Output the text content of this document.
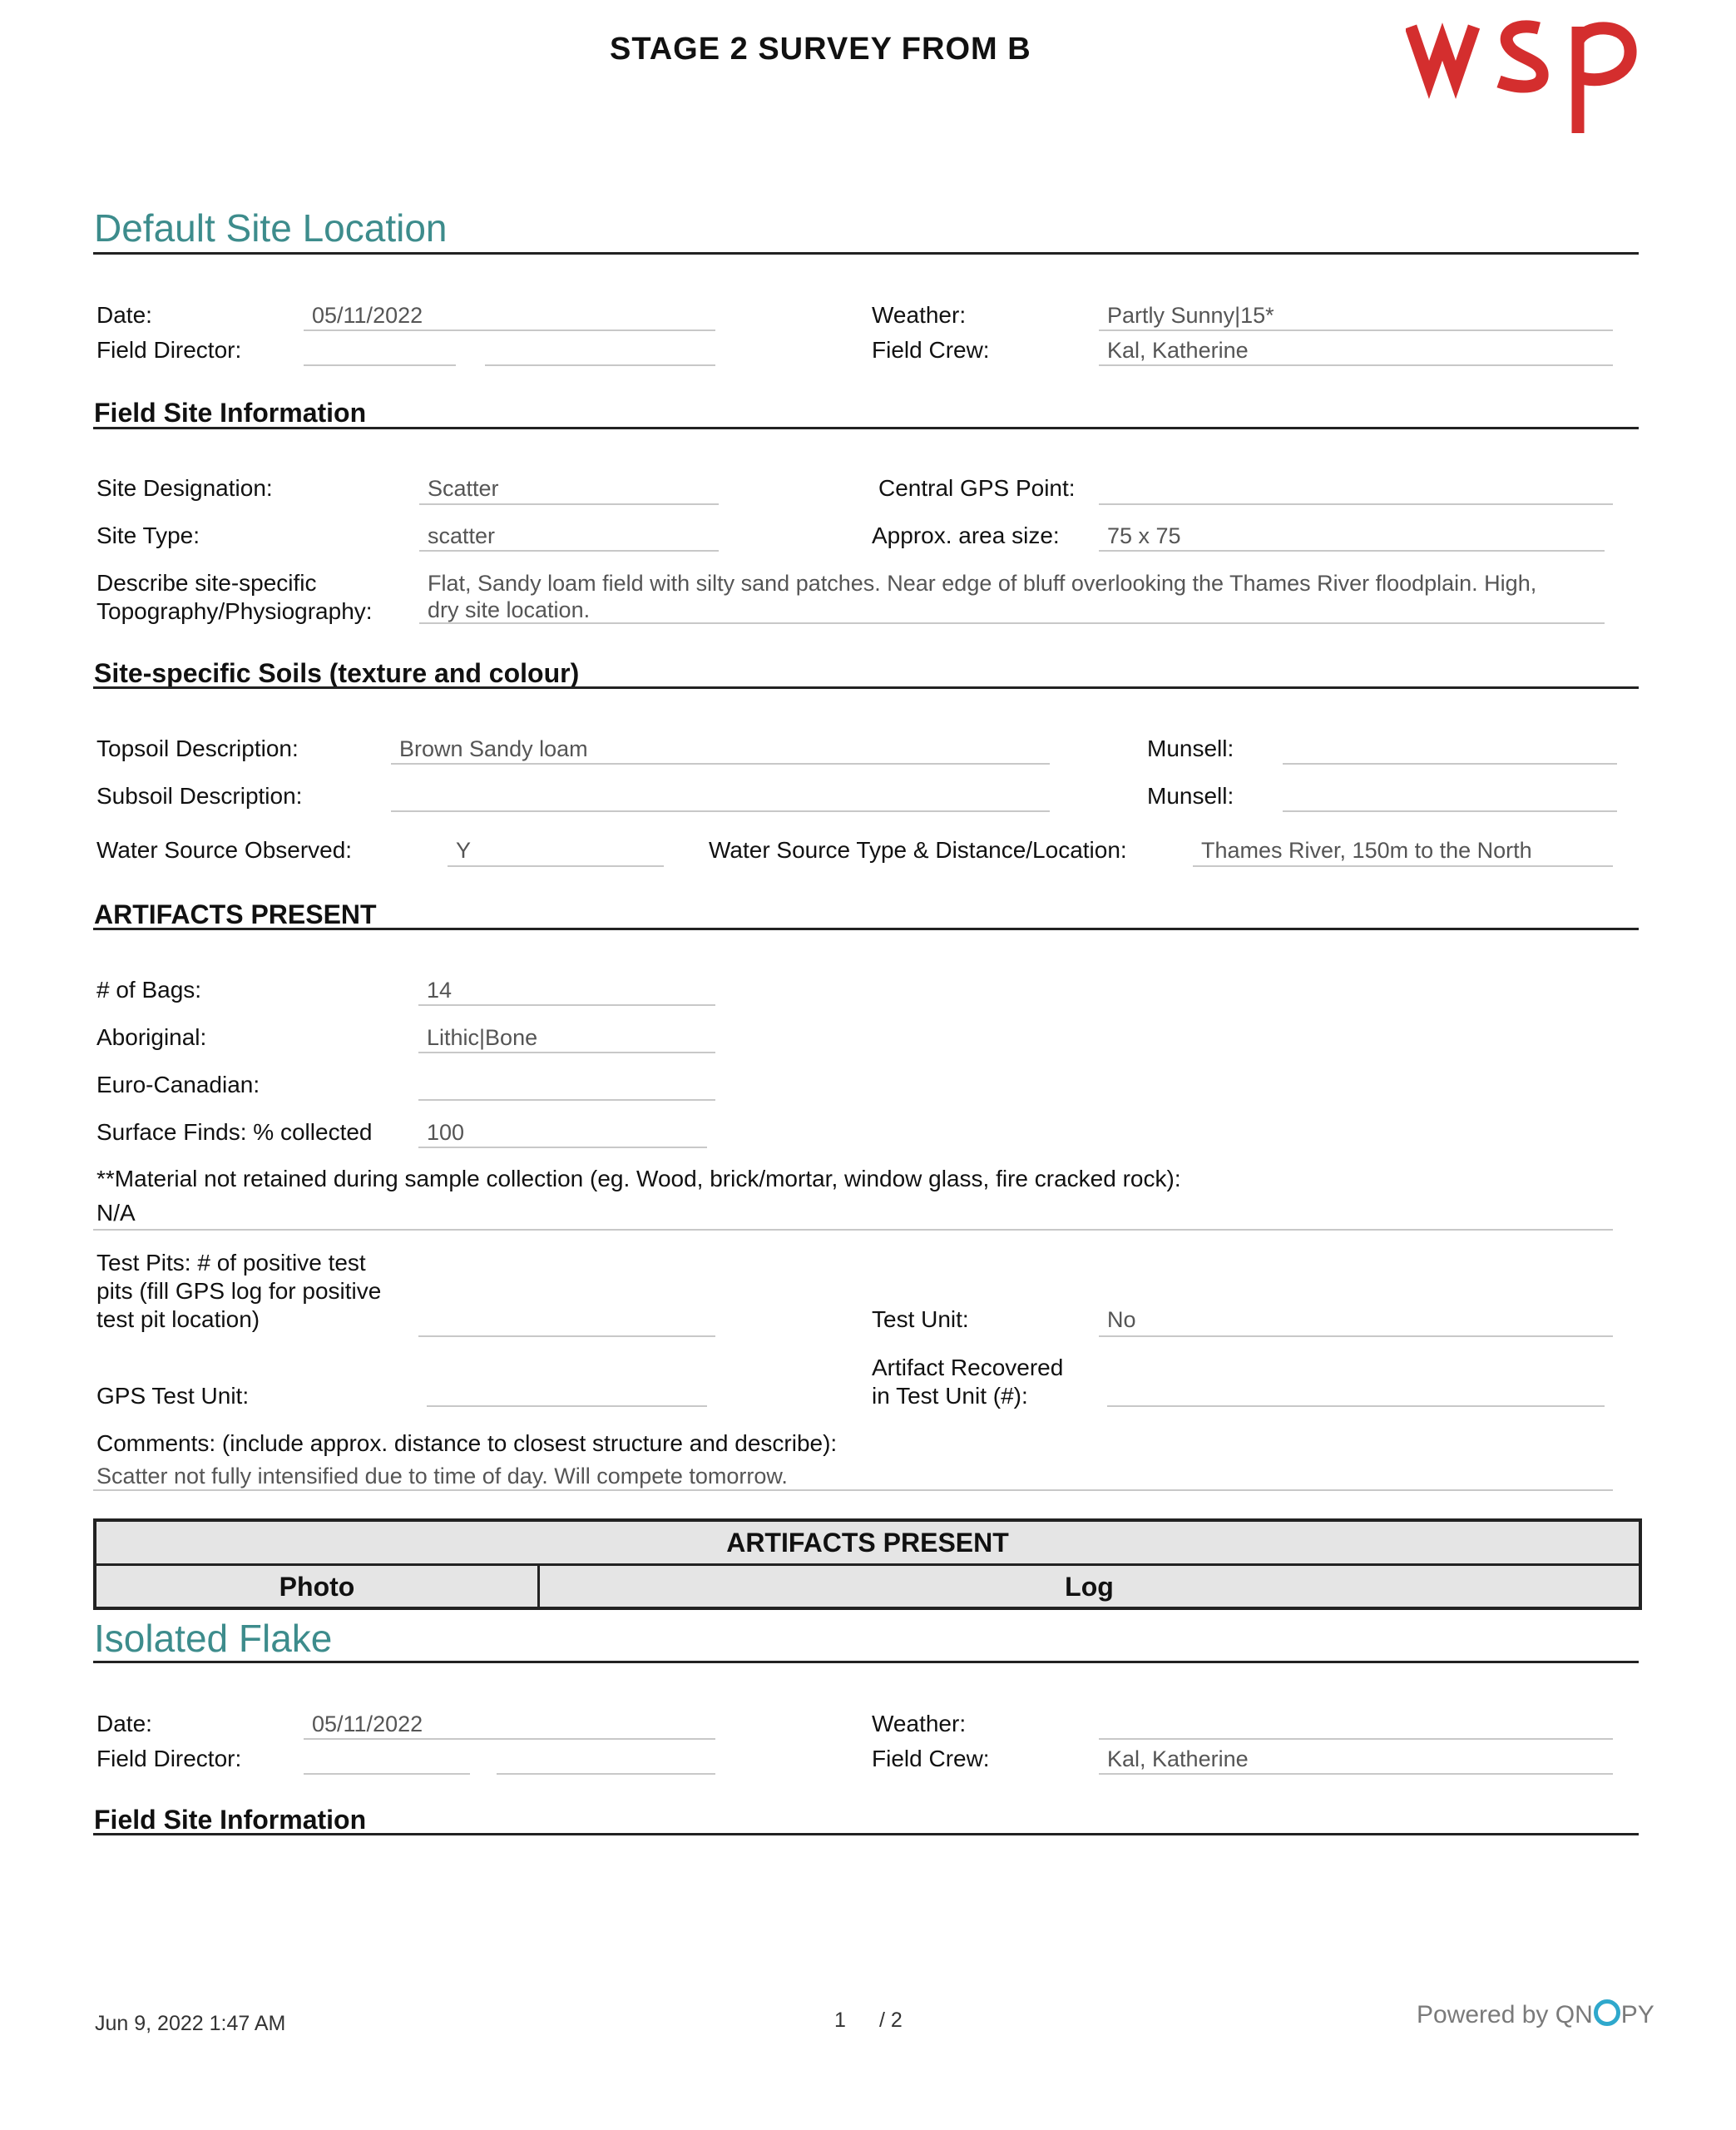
STAGE 2 SURVEY FROM B
Default Site Location
Date:	05/11/2022	Weather:	Partly Sunny|15*
Field Director:	Field Crew:	Kal, Katherine
Field Site Information
Site Designation:	Scatter	Central GPS Point:
Site Type:	scatter	Approx. area size: 75 x 75
Describe site-specific
Topography/Physiography:
Flat, Sandy loam field with silty sand patches. Near edge of bluff overlooking the Thames River floodplain. High,
dry site location.
Site-specific Soils (texture and colour)
Topsoil Description:	Brown Sandy loam	Munsell:
Subsoil Description:	Munsell:
Water Source Observed:	Y	Water Source Type & Distance/Location:	Thames River, 150m to the North
ARTIFACTS PRESENT
# of Bags:	14
Aboriginal:	Lithic|Bone
Euro-Canadian:
Surface Finds: % collected 100
**Material not retained during sample collection (eg. Wood, brick/mortar, window glass, fire cracked rock):
N/A
Test Pits: # of positive test
pits (fill GPS log for positive
test pit location)	Test Unit:	No
Artifact Recovered
in Test Unit (#):
GPS Test Unit:
Comments: (include approx. distance to closest structure and describe):
Scatter not fully intensified due to time of day. Will compete tomorrow.
ARTIFACTS PRESENT
Photo	Log
Isolated Flake
Date:	05/11/2022	Weather:
Field Director:	Field Crew:	Kal, Katherine
Field Site Information
Jun 9, 2022 1:47 AM	1 / 2	Powered by QN PY
